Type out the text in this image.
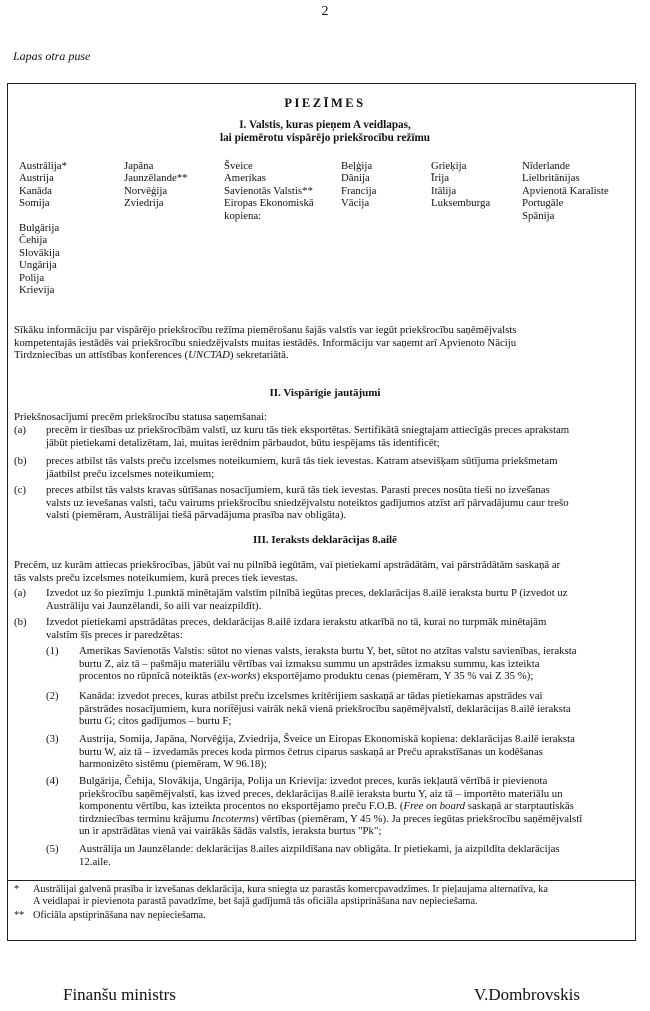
2
Lapas otra puse
PIEZĪMES
I. Valstis, kuras pieņem A veidlapas,
lai piemērotu vispārējo priekšrocību režīmu
Austrālija*
Austrija
Kanāda
Somija
Bulgārija
Čehija
Slovākija
Ungārija
Polija
Krievija
Japāna
Jaunzēlande**
Norvēģija
Zviedrija
Šveice
Amerikas
Savienotās Valstis**
Eiropas Ekonomiskā
kopiena:
Beļģija
Dānija
Francija
Vācija
Grieķija
Īrija
Itālija
Luksemburga
Nīderlande
Lielbritānijas
Apvienotā Karaliste
Portugāle
Spānija
Sīkāku informāciju par vispārējo priekšrocību režīma piemērošanu šajās valstīs var iegūt priekšrocību saņēmējvalsts
kompetentajās iestādēs vai priekšrocību sniedzējvalsts muitas iestādēs. Informāciju var saņemt arī Apvienoto Nāciju
Tirdzniecības un attīstības konferences (UNCTAD) sekretariātā.
II. Vispārīgie jautājumi
Priekšnosacījumi precēm priekšrocību statusa saņemšanai:
(a) precēm ir tiesības uz priekšrocībām valstī, uz kuru tās tiek eksportētas. Sertifikātā sniegtajam attiecīgās preces aprakstam
jābūt pietiekami detalizētam, lai, muitas ierēdnim pārbaudot, būtu iespējams tās identificēt;
(b) preces atbilst tās valsts preču izcelsmes noteikumiem, kurā tās tiek ievestas. Katram atsevišķam sūtījuma priekšmetam
jāatbilst preču izcelsmes noteikumiem;
(c) preces atbilst tās valsts kravas sūtīšanas nosacījumiem, kurā tās tiek ievestas. Parasti preces nosūta tieši no izveš̌anas
valsts uz ievešanas valsti, taču vairums priekšrocību sniedzējvalstu noteiktos gadījumos atzīst arī pārvadājumu caur trešo
valsti (piemēram, Austrālijai tiešā pārvadājuma prasība nav obligāta).
III. Ieraksts deklarācijas 8.ailē
Precēm, uz kurām attiecas priekšrocības, jābūt vai nu pilnībā iegūtām, vai pietiekami apstrādātām, vai pārstrādātām saskaņā ar
tās valsts preču izcelsmes noteikumiem, kurā preces tiek ievestas.
(a) Izvedot uz šo piezīmju 1.punktā minētajām valstīm pilnībā iegūtas preces, deklarācijas 8.ailē ieraksta burtu P (izvedot uz
Austrāliju vai Jaunzēlandi, šo aili var neaizpildīt).
(b) Izvedot pietiekami apstrādātas preces, deklarācijas 8.ailē izdara ierakstu atkarībā no tā, kurai no turpmāk minētajām
valstīm šīs preces ir paredzētas:
(1) Amerikas Savienotās Valstis: sūtot no vienas valsts, ieraksta burtu Y, bet, sūtot no atzītas valstu savienības, ieraksta
burtu Z, aiz tā – pašmāju materiālu vērtības vai izmaksu summu un apstrādes izmaksu summu, kas izteikta
procentos no rūpnīcā noteiktās (ex-works) eksportējamo produktu cenas (piemēram, Y 35 % vai Z 35 %);
(2) Kanāda: izvedot preces, kuras atbilst preču izcelsmes kritērijiem saskaņā ar tādas pietiekamas apstrādes vai
pārstrādes nosacījumiem, kura norit̄ējusi vairāk nekā vienā priekšrocību saņēmējvalstī, deklarācijas 8.ailē ieraksta
burtu G; citos gadījumos – burtu F;
(3) Austrija, Somija, Japāna, Norvēģija, Zviedrija, Šveice un Eiropas Ekonomiskā kopiena: deklarācijas 8.ailē ieraksta
burtu W, aiz tā – izvedamās preces koda pirmos četrus ciparus saskaņā ar Preču aprakstīšanas un kodēšanas
harmonizēto sistēmu (piemēram, W 96.18);
(4) Bulgārija, Čehija, Slovākija, Ungārija, Polija un Krievija: izvedot preces, kurās iekļautā vērtībā ir pievienota
priekšrocību saņēmējvalstī, kas izved preces, deklarācijas 8.ailē ieraksta burtu Y, aiz tā – importēto materiālu un
komponentu vērtību, kas izteikta procentos no eksportējamo preču F.O.B. (Free on board saskaņā ar starptautiskās
tirdzniecības terminu krājumu Incoterms) vērtības (piemēram, Y 45 %). Ja preces iegūtas priekšrocību saņēmējvalstī
un ir apstrādātas vienā vai vairākās šādās valstīs, ieraksta burtus "Pk";
(5) Austrālija un Jaunzēlande: deklarācijas 8.ailes aizpildīšana nav obligāta. Ir pietiekami, ja aizpildīta deklarācijas
12.aile.
* Austrālijai galvenā prasība ir izvešanas deklarācija, kura sniegta uz parastās komercpavadzīmes. Ir pieļaujama alternatīva, ka
A veidlapai ir pievienota parastā pavadzīme, bet šajā gadījumā tās oficiāla apstiprināšana nav nepieciešama.
** Oficiāla apstiprināšana nav nepieciešama.
Finanšu ministrs	V.Dombrovskis
